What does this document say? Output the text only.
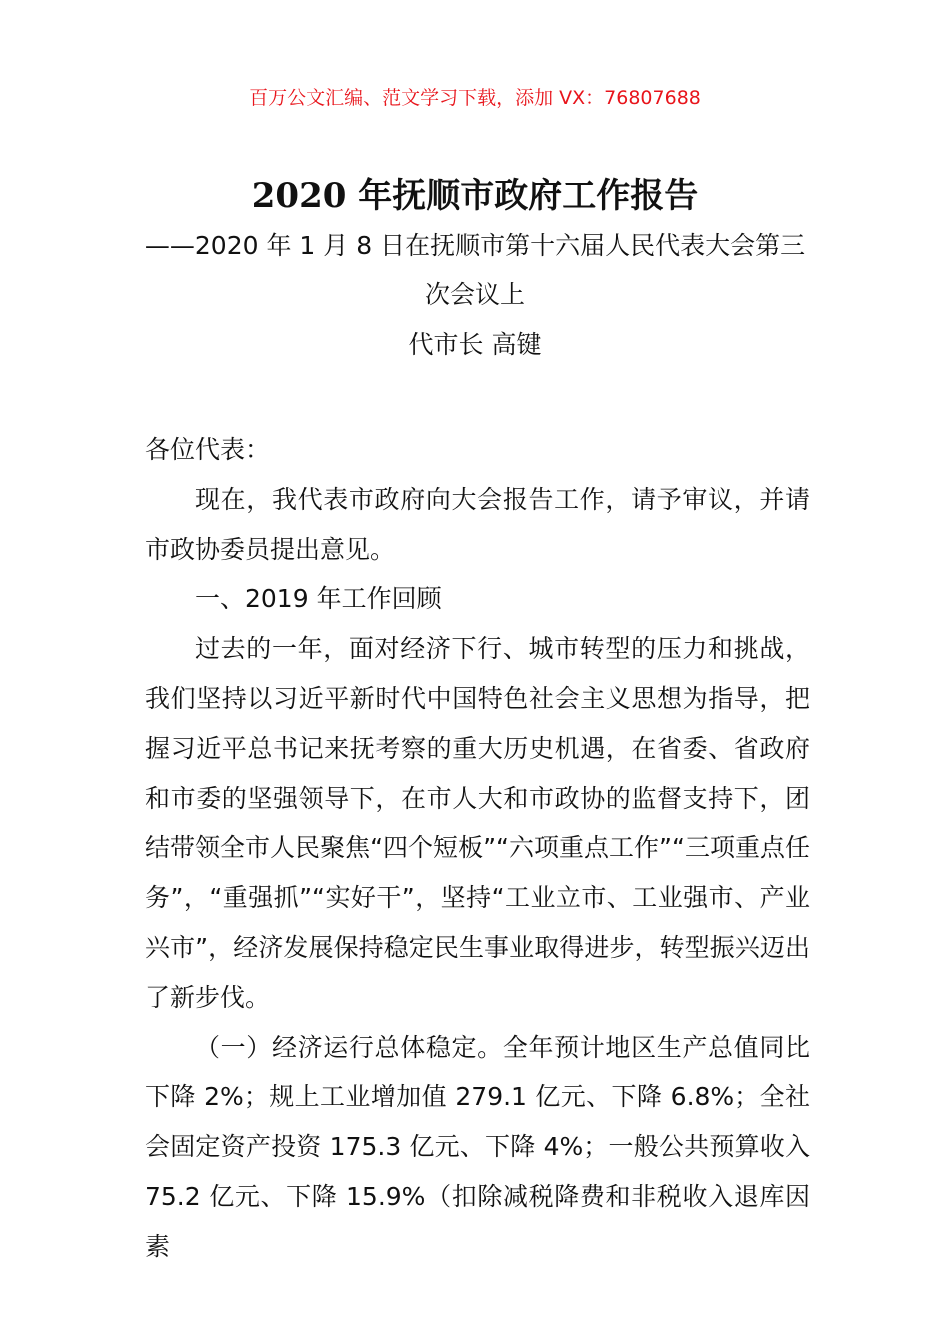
百万公文汇编、范文学习下载，添加 VX：76807688
2020 年抚顺市政府工作报告
——2020 年 1 月 8 日在抚顺市第十六届人民代表大会第三
次会议上
代市长 高键

各位代表：

现在，我代表市政府向大会报告工作，请予审议，并请市政协委员提出意见。

一、2019 年工作回顾

过去的一年，面对经济下行、城市转型的压力和挑战，我们坚持以习近平新时代中国特色社会主义思想为指导，把握习近平总书记来抚考察的重大历史机遇，在省委、省政府和市委的坚强领导下，在市人大和市政协的监督支持下，团结带领全市人民聚焦“四个短板”“六项重点工作”“三项重点任务”，“重强抓”“实好干”，坚持“工业立市、工业强市、产业兴市”，经济发展保持稳定民生事业取得进步，转型振兴迈出了新步伐。

（一）经济运行总体稳定。全年预计地区生产总值同比下降 2%；规上工业增加值 279.1 亿元、下降 6.8%；全社会固定资产投资 175.3 亿元、下降 4%；一般公共预算收入 75.2 亿元、下降 15.9%（扣除减税降费和非税收入退库因素
